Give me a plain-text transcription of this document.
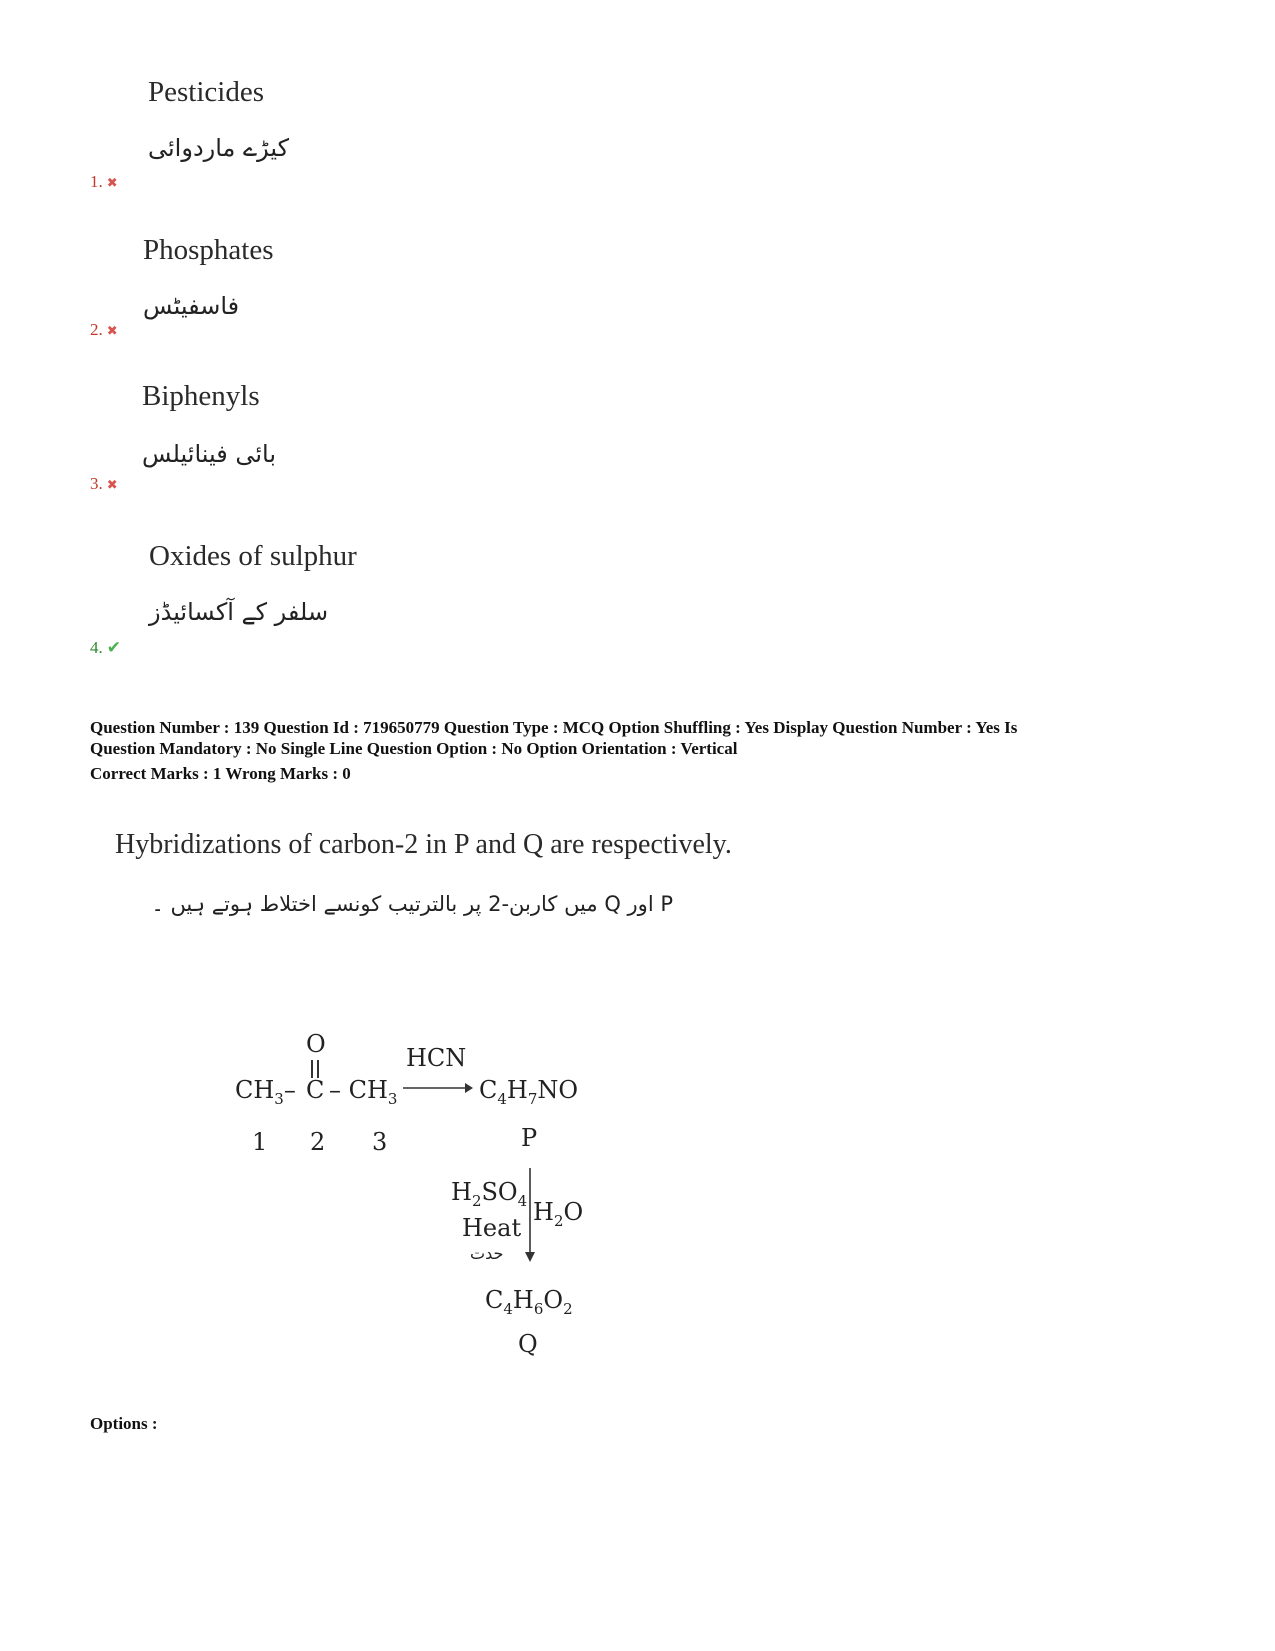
Pesticides
کیڑے ماردوائی
1. ✖
Phosphates
فاسفیٹس
2. ✖
Biphenyls
بائی فینائیلس
3. ✖
Oxides of sulphur
سلفر کے آکسائیڈز
4. ✔
Question Number : 139 Question Id : 719650779 Question Type : MCQ Option Shuffling : Yes Display Question Number : Yes Is
Question Mandatory : No Single Line Question Option : No Option Orientation : Vertical
Correct Marks : 1 Wrong Marks : 0
Hybridizations of carbon-2 in P and Q are respectively.
P اور Q میں کاربن-2 پر بالترتیب کونسے اختلاط ہوتے ہیں ۔
O
$CH_3-$ C – $CH_3$
HCN
$C_4H_7NO$
1 2 3	P
$H_2SO_4$
Heat
حدت
$H_2O$
$C_4H_6O_2$
Q
Options :
